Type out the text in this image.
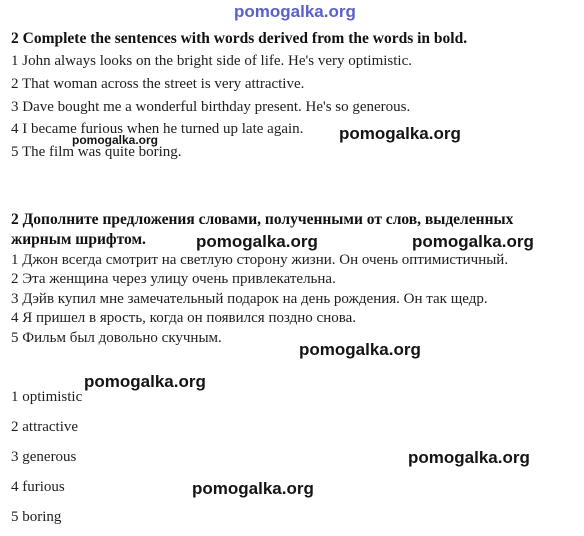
pomogalka.org
2 Complete the sentences with words derived from the words in bold.
1 John always looks on the bright side of life. He's very optimistic.
2 That woman across the street is very attractive.
3 Dave bought me a wonderful birthday present. He's so generous.
4 I became furious when he turned up late again.
5 The film was quite boring.
pomogalka.org
pomogalka.org
2 Дополните предложения словами, полученными от слов, выделенных
жирным шрифтом.
1 Джон всегда смотрит на светлую сторону жизни. Он очень оптимистичный.
2 Эта женщина через улицу очень привлекательна.
3 Дэйв купил мне замечательный подарок на день рождения. Он так щедр.
4 Я пришел в ярость, когда он появился поздно снова.
5 Фильм был довольно скучным.
pomogalka.org	pomogalka.org
pomogalka.org
pomogalka.org
1 optimistic
2 attractive
3 generous
4 furious
5 boring
pomogalka.org
pomogalka.org
